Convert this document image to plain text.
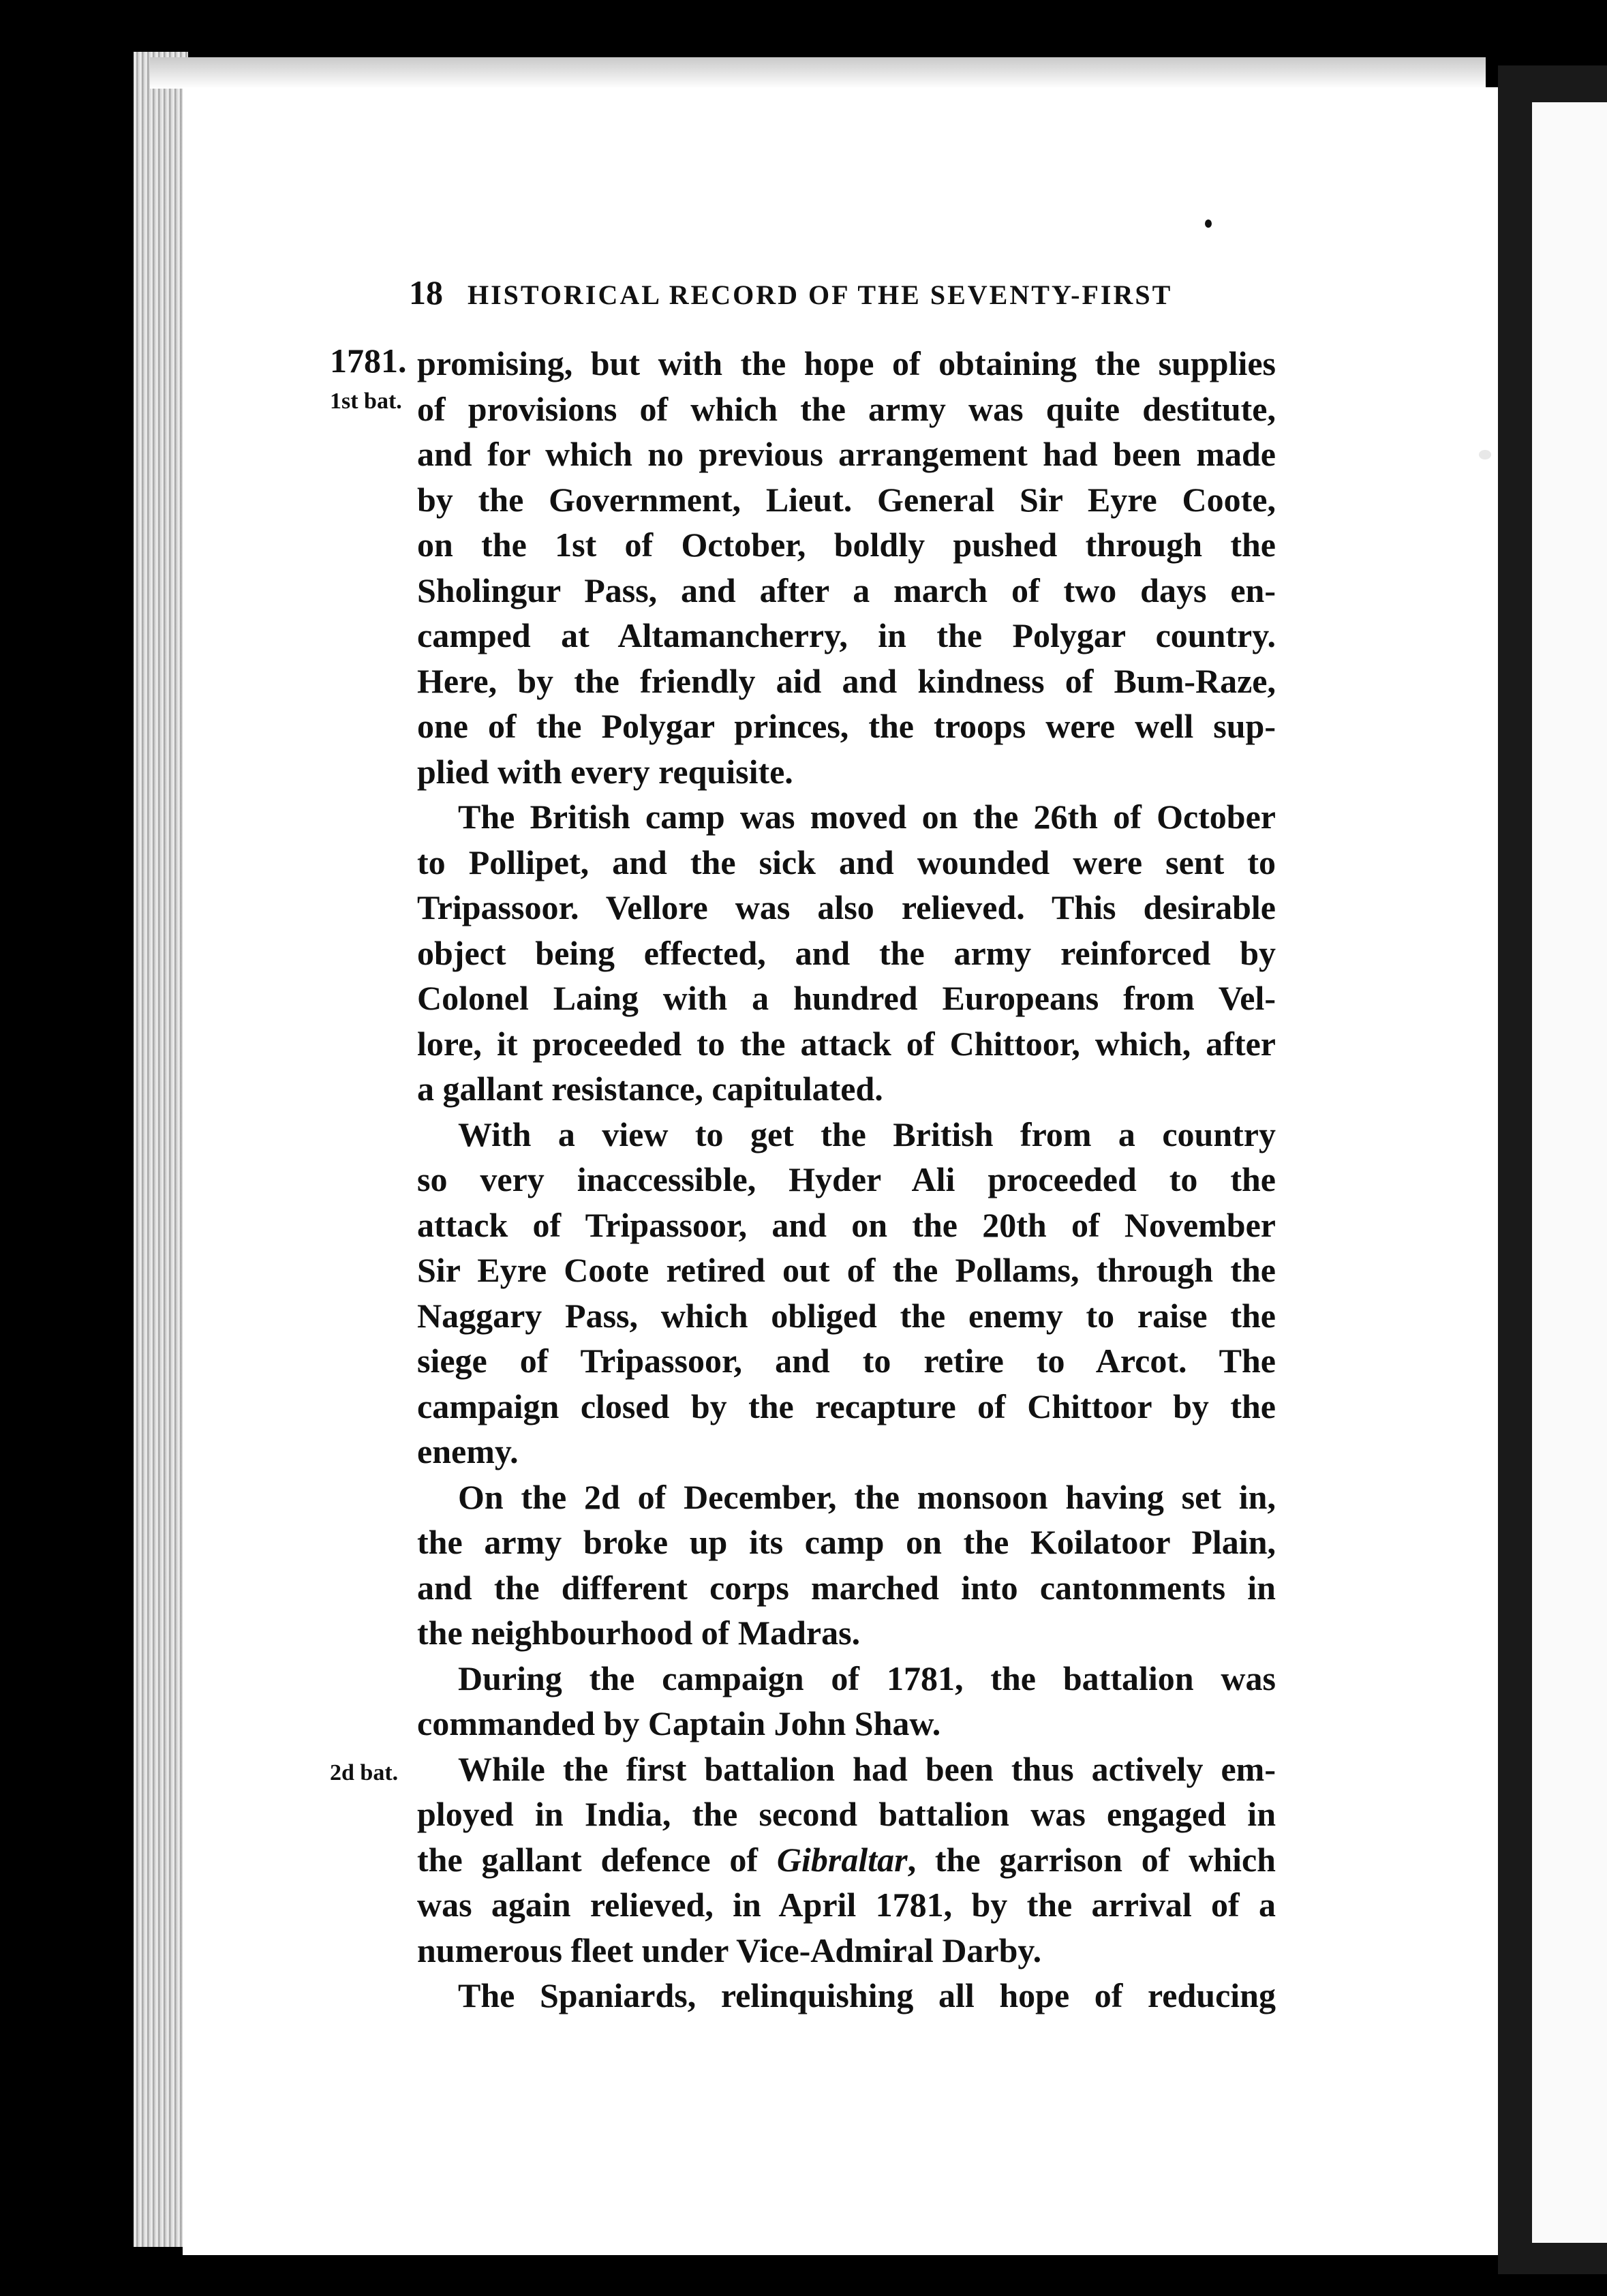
18 HISTORICAL RECORD OF THE SEVENTY-FIRST
1781.
1st bat.
2d bat.
promising, but with the hope of obtaining the supplies
of provisions of which the army was quite destitute,
and for which no previous arrangement had been made
by the Government, Lieut. General Sir Eyre Coote,
on the 1st of October, boldly pushed through the
Sholingur Pass, and after a march of two days en-
camped at Altamancherry, in the Polygar country.
Here, by the friendly aid and kindness of Bum-Raze,
one of the Polygar princes, the troops were well sup-
plied with every requisite.
The British camp was moved on the 26th of October
to Pollipet, and the sick and wounded were sent to
Tripassoor. Vellore was also relieved. This desirable
object being effected, and the army reinforced by
Colonel Laing with a hundred Europeans from Vel-
lore, it proceeded to the attack of Chittoor, which, after
a gallant resistance, capitulated.
With a view to get the British from a country
so very inaccessible, Hyder Ali proceeded to the
attack of Tripassoor, and on the 20th of November
Sir Eyre Coote retired out of the Pollams, through the
Naggary Pass, which obliged the enemy to raise the
siege of Tripassoor, and to retire to Arcot. The
campaign closed by the recapture of Chittoor by the
enemy.
On the 2d of December, the monsoon having set in,
the army broke up its camp on the Koilatoor Plain,
and the different corps marched into cantonments in
the neighbourhood of Madras.
During the campaign of 1781, the battalion was
commanded by Captain John Shaw.
While the first battalion had been thus actively em-
ployed in India, the second battalion was engaged in
the gallant defence of Gibraltar, the garrison of which
was again relieved, in April 1781, by the arrival of a
numerous fleet under Vice-Admiral Darby.
The Spaniards, relinquishing all hope of reducing
